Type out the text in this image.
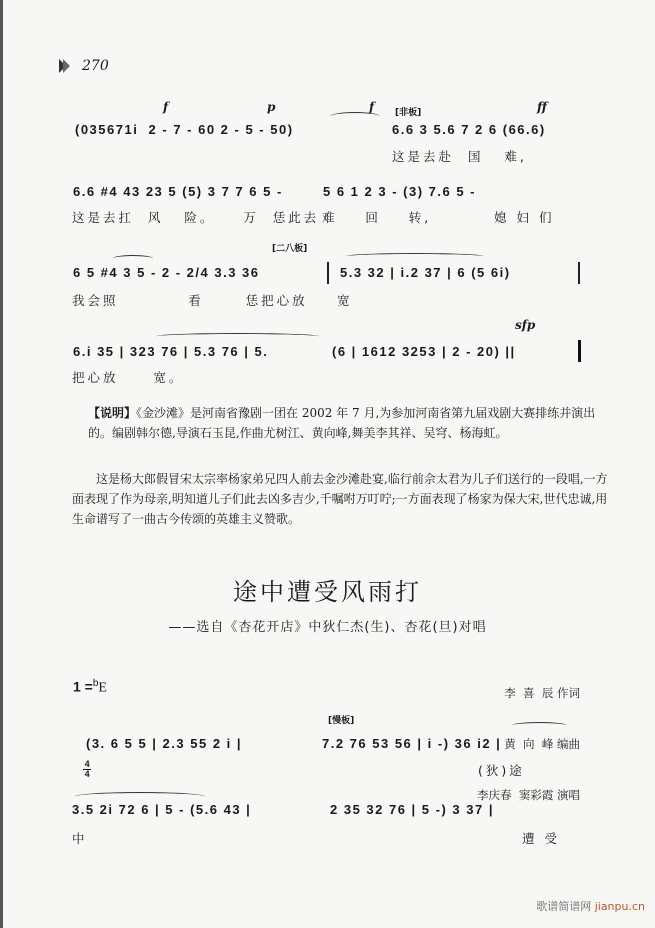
270
f	p	f	ff
[非板]
(035671i  2 - 7 - 60 2 - 5 - 50)	6.6 3 5.6 7 2 6 (66.6)
这是去赴  国   难,
6.6 #4 43 23 5 (5) 3 7 7 6 5 -	5 6 1 2 3 - (3) 7.6 5 -
这是去扛  风   险。    万  恁此去 难    回    转,         媳 妇 们
[二八板]
6 5 #4 3 5 - 2 - 2/4 3.3 36	5.3 32 | i.2 37 | 6 (5 6i)
我会照          看      恁把心放 宽
sfp
6.i 35 | 323 76 | 5.3 76 | 5.	(6 | 1612 3253 | 2 - 20) ||
把心放     宽。
【说明】《金沙滩》是河南省豫剧一团在 2002 年 7 月,为参加河南省第九届戏剧大赛排练并演出的。编剧韩尔德,导演石玉昆,作曲尤树江、黄向峰,舞美李其祥、吴穹、杨海虹。
这是杨大郎假冒宋太宗率杨家弟兄四人前去金沙滩赴宴,临行前佘太君为儿子们送行的一段唱,一方面表现了作为母亲,明知道儿子们此去凶多吉少,千嘱咐万叮咛;一方面表现了杨家为保大宋,世代忠诚,用生命谱写了一曲古今传颂的英雄主义赞歌。
途中遭受风雨打
——选自《杏花开店》中狄仁杰(生)、杏花(旦)对唱

李  喜  辰 作词

黄  向  峰 编曲

李庆春  窦彩霞 演唱

1 =$^b$E
[慢板]

$\frac{4}{4}$

(3. 6 5 5 | 2.3 55 2 i |	7.2 76 53 56 | i -) 36 i2 |
(狄)途
3.5 2i 72 6 | 5 - (5.6 43 |	2 35 32 76 | 5 -) 3 37 |
中	遭 受
歌谱简谱网 jianpu.cn
